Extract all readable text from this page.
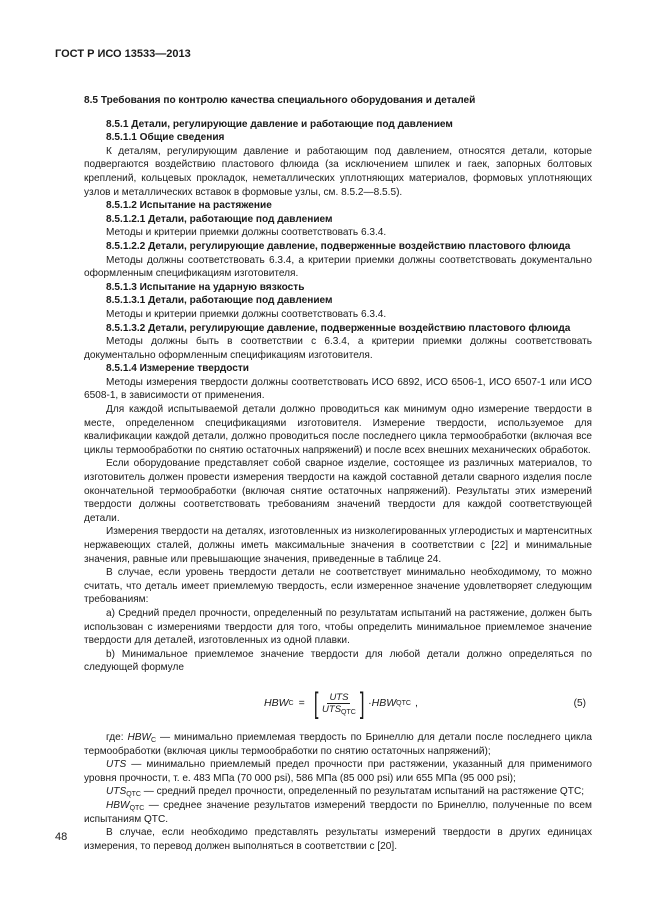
ГОСТ Р ИСО 13533—2013

8.5 Требования по контролю качества специального оборудования и деталей

8.5.1 Детали, регулирующие давление и работающие под давлением

8.5.1.1 Общие сведения

К деталям, регулирующим давление и работающим под давлением, относятся детали, которые подвергаются воздействию пластового флюида (за исключением шпилек и гаек, запорных болтовых креплений, кольцевых прокладок, неметаллических уплотняющих материалов, формовых уплотняющих узлов и металлических вставок в формовые узлы, см. 8.5.2—8.5.5).

8.5.1.2 Испытание на растяжение

8.5.1.2.1 Детали, работающие под давлением

Методы и критерии приемки должны соответствовать 6.3.4.

8.5.1.2.2 Детали, регулирующие давление, подверженные воздействию пластового флюида

Методы должны соответствовать 6.3.4, а критерии приемки должны соответствовать документально оформленным спецификациям изготовителя.

8.5.1.3 Испытание на ударную вязкость

8.5.1.3.1 Детали, работающие под давлением

Методы и критерии приемки должны соответствовать 6.3.4.

8.5.1.3.2 Детали, регулирующие давление, подверженные воздействию пластового флюида

Методы должны быть в соответствии с 6.3.4, а критерии приемки должны соответствовать документально оформленным спецификациям изготовителя.

8.5.1.4 Измерение твердости

Методы измерения твердости должны соответствовать ИСО 6892, ИСО 6506-1, ИСО 6507-1 или ИСО 6508-1, в зависимости от применения.

Для каждой испытываемой детали должно проводиться как минимум одно измерение твердости в месте, определенном спецификациями изготовителя. Измерение твердости, используемое для квалификации каждой детали, должно проводиться после последнего цикла термообработки (включая все циклы термообработки по снятию остаточных напряжений) и после всех внешних механических обработок.

Если оборудование представляет собой сварное изделие, состоящее из различных материалов, то изготовитель должен провести измерения твердости на каждой составной детали сварного изделия после окончательной термообработки (включая снятие остаточных напряжений). Результаты этих измерений твердости должны соответствовать требованиям значений твердости для каждой соответствующей детали.

Измерения твердости на деталях, изготовленных из низколегированных углеродистых и мартенситных нержавеющих сталей, должны иметь максимальные значения в соответствии с [22] и минимальные значения, равные или превышающие значения, приведенные в таблице 24.

В случае, если уровень твердости детали не соответствует минимально необходимому, то можно считать, что деталь имеет приемлемую твердость, если измеренное значение удовлетворяет следующим требованиям:

а) Средний предел прочности, определенный по результатам испытаний на растяжение, должен быть использован с измерениями твердости для того, чтобы определить минимальное приемлемое значение твердости для деталей, изготовленных из одной плавки.

b) Минимальное приемлемое значение твердости для любой детали должно определяться по следующей формуле

HBW C = [ $\frac{\text{UTS}}{UTS_{QTC}}$ ] · HBW QTC ,	(5)

где: $HBW_C$ — минимально приемлемая твердость по Бринеллю для детали после последнего цикла термообработки (включая циклы термообработки по снятию остаточных напряжений);

UTS — минимально приемлемый предел прочности при растяжении, указанный для применимого уровня прочности, т. е. 483 МПа (70 000 psi), 586 МПа (85 000 psi) или 655 МПа (95 000 psi);

$UTS_{QTC}$ — средний предел прочности, определенный по результатам испытаний на растяжение QTC;

$HBW_{QTC}$ — среднее значение результатов измерений твердости по Бринеллю, полученные по всем испытаниям QTC.

В случае, если необходимо представлять результаты измерений твердости в других единицах измерения, то перевод должен выполняться в соответствии с [20].

48
